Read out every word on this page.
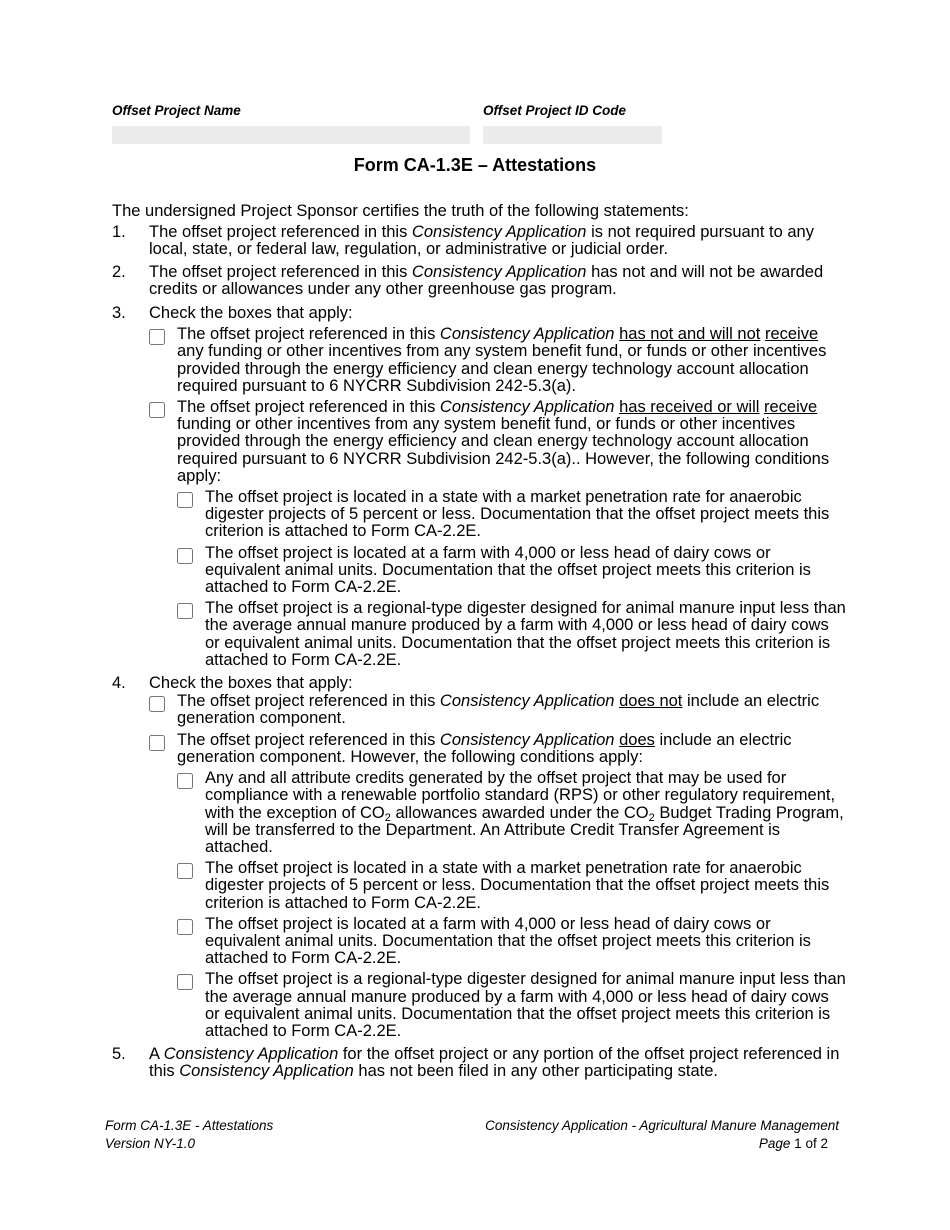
Offset Project Name	Offset Project ID Code
Form CA-1.3E – Attestations
The undersigned Project Sponsor certifies the truth of the following statements:
1. The offset project referenced in this Consistency Application is not required pursuant to any local, state, or federal law, regulation, or administrative or judicial order.
2. The offset project referenced in this Consistency Application has not and will not be awarded credits or allowances under any other greenhouse gas program.
3. Check the boxes that apply:
The offset project referenced in this Consistency Application has not and will not receive any funding or other incentives from any system benefit fund, or funds or other incentives provided through the energy efficiency and clean energy technology account allocation required pursuant to 6 NYCRR Subdivision 242-5.3(a).
The offset project referenced in this Consistency Application has received or will receive funding or other incentives from any system benefit fund, or funds or other incentives provided through the energy efficiency and clean energy technology account allocation required pursuant to 6 NYCRR Subdivision 242-5.3(a).. However, the following conditions apply:
The offset project is located in a state with a market penetration rate for anaerobic digester projects of 5 percent or less. Documentation that the offset project meets this criterion is attached to Form CA-2.2E.
The offset project is located at a farm with 4,000 or less head of dairy cows or equivalent animal units. Documentation that the offset project meets this criterion is attached to Form CA-2.2E.
The offset project is a regional-type digester designed for animal manure input less than the average annual manure produced by a farm with 4,000 or less head of dairy cows or equivalent animal units. Documentation that the offset project meets this criterion is attached to Form CA-2.2E.
4. Check the boxes that apply:
The offset project referenced in this Consistency Application does not include an electric generation component.
The offset project referenced in this Consistency Application does include an electric generation component. However, the following conditions apply:
Any and all attribute credits generated by the offset project that may be used for compliance with a renewable portfolio standard (RPS) or other regulatory requirement, with the exception of $CO_2$ allowances awarded under the $CO_2$ Budget Trading Program, will be transferred to the Department. An Attribute Credit Transfer Agreement is attached.
The offset project is located in a state with a market penetration rate for anaerobic digester projects of 5 percent or less. Documentation that the offset project meets this criterion is attached to Form CA-2.2E.
The offset project is located at a farm with 4,000 or less head of dairy cows or equivalent animal units. Documentation that the offset project meets this criterion is attached to Form CA-2.2E.
The offset project is a regional-type digester designed for animal manure input less than the average annual manure produced by a farm with 4,000 or less head of dairy cows or equivalent animal units. Documentation that the offset project meets this criterion is attached to Form CA-2.2E.
5. A Consistency Application for the offset project or any portion of the offset project referenced in this Consistency Application has not been filed in any other participating state.
Form CA-1.3E - Attestations
Version NY-1.0
Consistency Application - Agricultural Manure Management
Page 1 of 2
